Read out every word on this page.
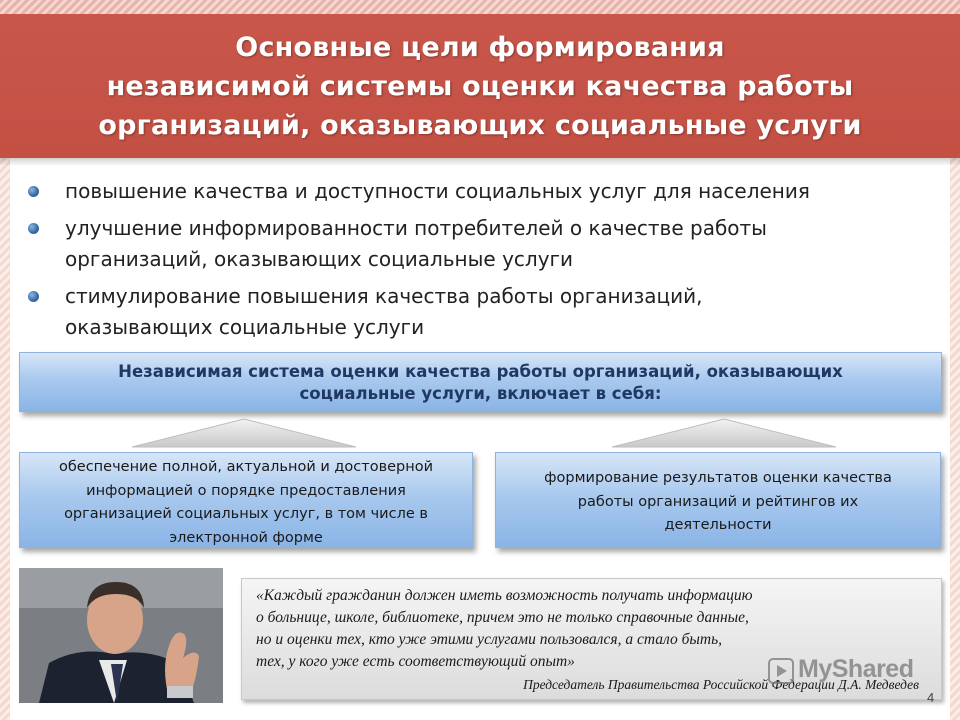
Основные цели формирования
независимой системы оценки качества работы
организаций, оказывающих социальные услуги
повышение качества и доступности социальных услуг для населения
улучшение информированности потребителей о качестве работы
организаций, оказывающих социальные услуги
стимулирование повышения качества работы организаций,
оказывающих социальные услуги
Независимая система оценки качества работы организаций, оказывающих
социальные услуги, включает в себя:
обеспечение полной, актуальной и достоверной
информацией о порядке предоставления
организацией социальных услуг, в том числе в
электронной форме
формирование результатов оценки качества
работы организаций и рейтингов их
деятельности
«Каждый гражданин должен иметь возможность получать информацию
о больнице, школе, библиотеке, причем это не только справочные данные,
но и оценки тех, кто уже этими услугами пользовался, а стало быть,
тех, у кого уже есть соответствующий опыт»
Председатель Правительства Российской Федерации Д.А. Медведев
MyShared
4
